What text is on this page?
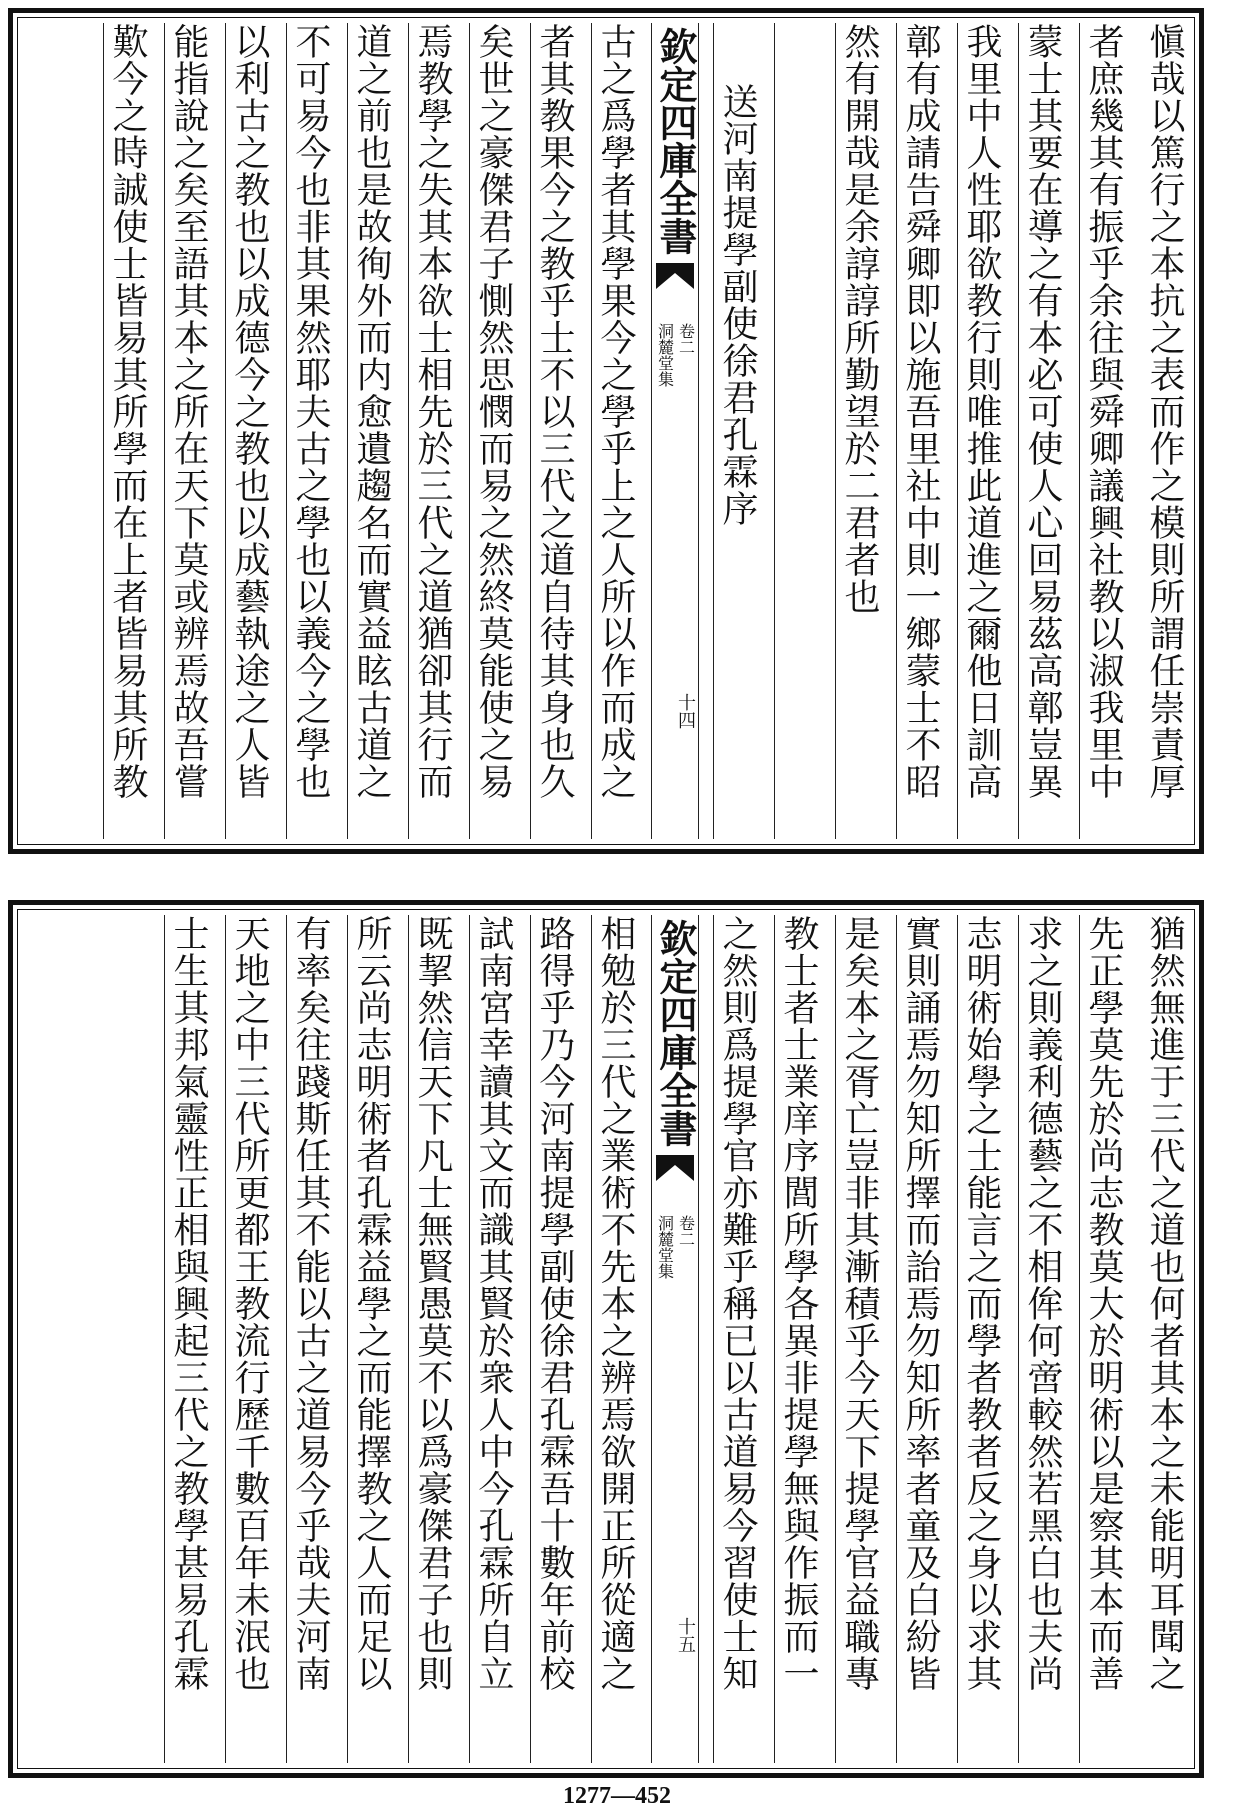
愼哉以篤行之本抗之表而作之模則所謂任崇責厚
者庶幾其有振乎余往與舜卿議興社教以淑我里中
蒙士其要在導之有本必可使人心回易茲高鄣豈異
我里中人性耶欲教行則唯推此道進之爾他日訓高
鄣有成請告舜卿即以施吾里社中則一鄉蒙士不昭
然有開哉是余諄諄所勤望於二君者也
送河南提學副使徐君孔霖序
欽定四庫全書
洞麓堂集 卷二
十四
古之爲學者其學果今之學乎上之人所以作而成之
者其教果今之教乎士不以三代之道自待其身也久
矣世之豪傑君子惻然思憫而易之然終莫能使之易
焉教學之失其本欲士相先於三代之道猶卻其行而
道之前也是故徇外而内愈遺趨名而實益眩古道之
不可易今也非其果然耶夫古之學也以義今之學也
以利古之教也以成德今之教也以成藝執途之人皆
能指說之矣至語其本之所在天下莫或辨焉故吾嘗
歎今之時誠使士皆易其所學而在上者皆易其所教
猶然無進于三代之道也何者其本之未能明耳聞之
先正學莫先於尚志教莫大於明術以是察其本而善
求之則義利德藝之不相侔何啻較然若黑白也夫尚
志明術始學之士能言之而學者教者反之身以求其
實則誦焉勿知所擇而詒焉勿知所率者童及白紛皆
是矣本之胥亡豈非其漸積乎今天下提學官益職專
教士者士業庠序閭所學各異非提學無與作振而一
之然則爲提學官亦難乎稱已以古道易今習使士知
欽定四庫全書
洞麓堂集 卷二
十五
相勉於三代之業術不先本之辨焉欲開正所從適之
路得乎乃今河南提學副使徐君孔霖吾十數年前校
試南宮幸讀其文而識其賢於衆人中今孔霖所自立
既挈然信天下凡士無賢愚莫不以爲豪傑君子也則
所云尚志明術者孔霖益學之而能擇教之人而足以
有率矣往踐斯任其不能以古之道易今乎哉夫河南
天地之中三代所更都王教流行歷千數百年未泯也
士生其邦氣靈性正相與興起三代之教學甚易孔霖
1277—452
